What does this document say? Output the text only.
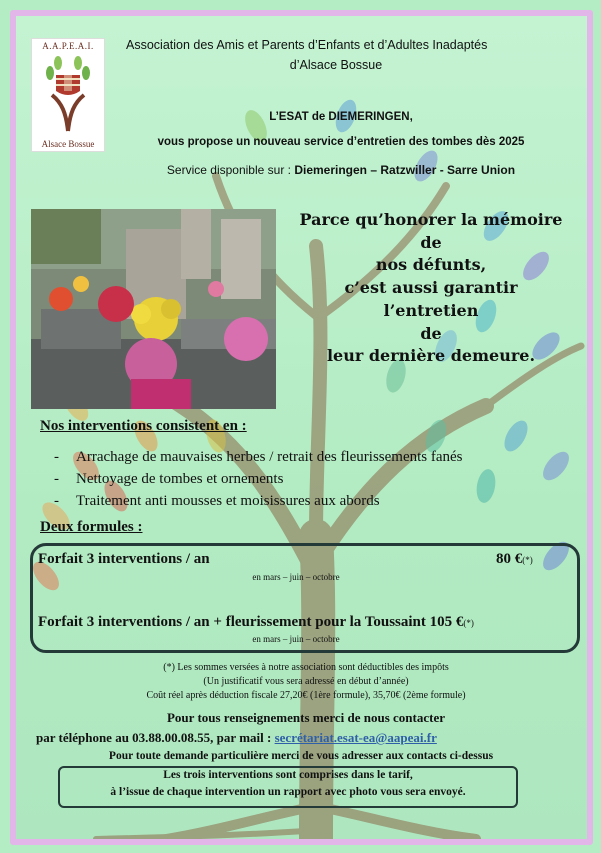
A.A.P.E.A.I.
Alsace Bossue
Association des Amis et Parents d’Enfants et d’Adultes Inadaptés
d’Alsace Bossue
L’ESAT de DIEMERINGEN,
vous propose un nouveau service d’entretien des tombes dès 2025
Service disponible sur : Diemeringen – Ratzwiller - Sarre Union
Parce qu’honorer la mémoire
de
nos défunts,
c’est aussi garantir
l’entretien
de
leur dernière demeure.
Nos interventions consistent en :
- Arrachage de mauvaises herbes / retrait des fleurissements fanés
- Nettoyage de tombes et ornements
- Traitement anti mousses et moisissures aux abords
Deux formules :
Forfait 3 interventions / an	80 €(*)
en mars – juin – octobre
Forfait 3 interventions / an + fleurissement pour la Toussaint 105 €(*)
en mars – juin – octobre
(*) Les sommes versées à notre association sont déductibles des impôts
(Un justificatif vous sera adressé en début d’année)
Coût réel après déduction fiscale 27,20€ (1ère formule), 35,70€ (2ème formule)
Pour tous renseignements merci de nous contacter
par téléphone au 03.88.00.08.55, par mail : secrétariat.esat-ea@aapeai.fr
Pour toute demande particulière merci de vous adresser aux contacts ci-dessus
Les trois interventions sont comprises dans le tarif,
à l’issue de chaque intervention un rapport avec photo vous sera envoyé.
